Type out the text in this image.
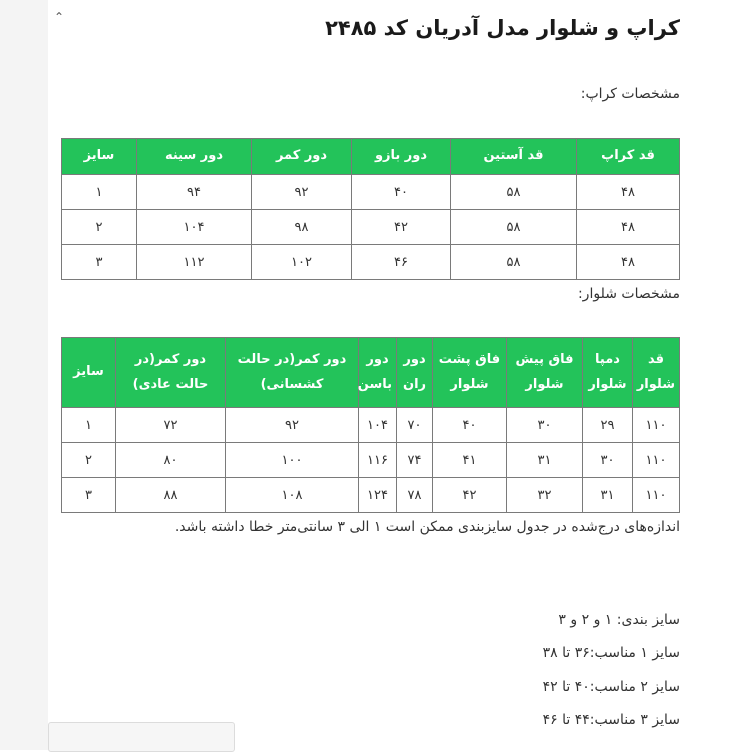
⌃	کراپ و شلوار مدل آدریان کد ۲۴۸۵
مشخصات کراپ:
قد کراپ	قد آستین	دور بازو	دور کمر	دور سینه	سایز
۴۸	۵۸	۴۰	۹۲	۹۴	۱
۴۸	۵۸	۴۲	۹۸	۱۰۴	۲
۴۸	۵۸	۴۶	۱۰۲	۱۱۲	۳
مشخصات شلوار:
قد شلوار	دمپا شلوار	فاق پیش شلوار	فاق پشت شلوار	دور ران	دور باسن	دور کمر(در حالت کشسانی)	دور کمر(در حالت عادی)	سایز
۱۱۰	۲۹	۳۰	۴۰	۷۰	۱۰۴	۹۲	۷۲	۱
۱۱۰	۳۰	۳۱	۴۱	۷۴	۱۱۶	۱۰۰	۸۰	۲
۱۱۰	۳۱	۳۲	۴۲	۷۸	۱۲۴	۱۰۸	۸۸	۳
اندازه‌های درج‌شده در جدول سایزبندی ممکن است ۱ الی ۳ سانتی‌متر خطا داشته باشد.
سایز بندی: ۱ و ۲ و ۳
سایز ۱ مناسب:۳۶ تا ۳۸
سایز ۲ مناسب:۴۰ تا ۴۲
سایز ۳ مناسب:۴۴ تا ۴۶
